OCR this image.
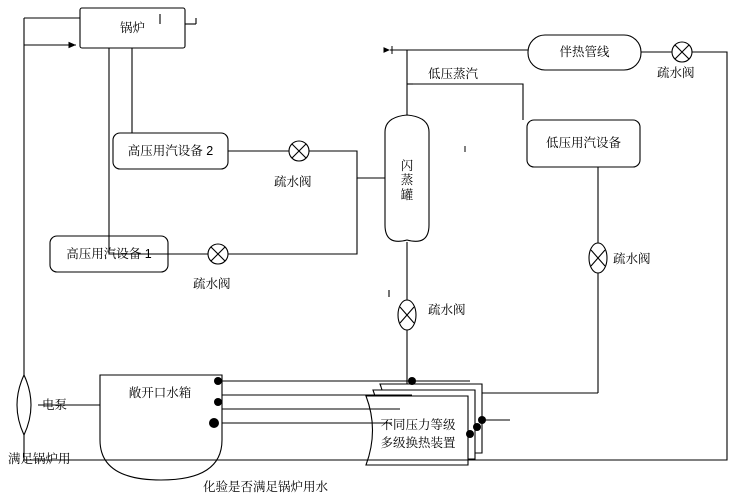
锅炉
高压用汽设备 2
高压用汽设备 1
低压用汽设备
伴热管线
闪
蒸
罐
敞开口水箱
不同压力等级
多级换热装置
电泵
疏水阀
疏水阀
疏水阀
疏水阀
疏水阀
低压蒸汽
满足锅炉用
化验是否满足锅炉用水
